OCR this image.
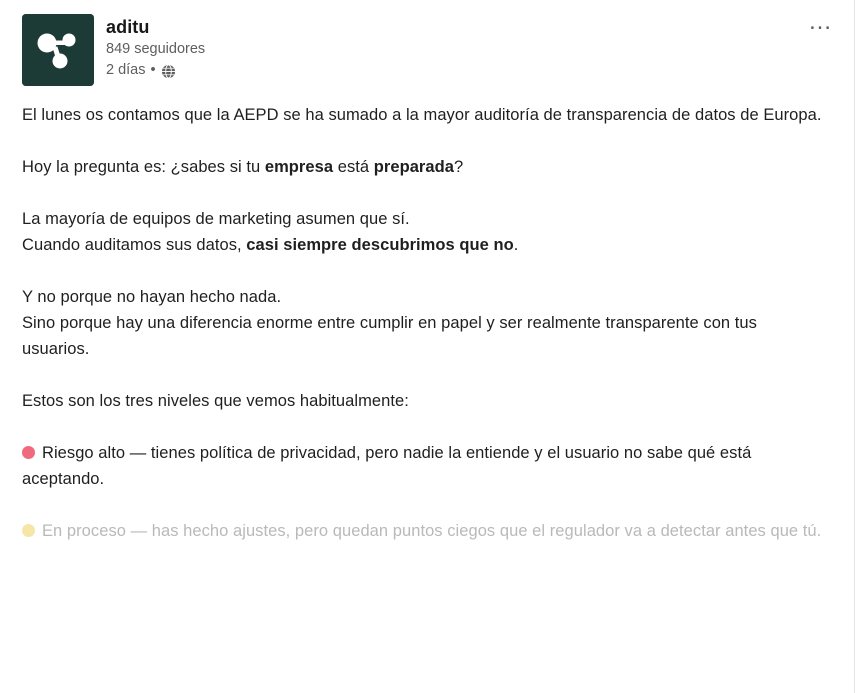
aditu
849 seguidores
2 días •
…

El lunes os contamos que la AEPD se ha sumado a la mayor auditoría de transparencia de datos de Europa.

Hoy la pregunta es: ¿sabes si tu empresa está preparada?

La mayoría de equipos de marketing asumen que sí.
Cuando auditamos sus datos, casi siempre descubrimos que no.

Y no porque no hayan hecho nada.
Sino porque hay una diferencia enorme entre cumplir en papel y ser realmente transparente con tus usuarios.

Estos son los tres niveles que vemos habitualmente:

Riesgo alto — tienes política de privacidad, pero nadie la entiende y el usuario no sabe qué está aceptando.

En proceso — has hecho ajustes, pero quedan puntos ciegos que el regulador va a detectar antes que tú.
